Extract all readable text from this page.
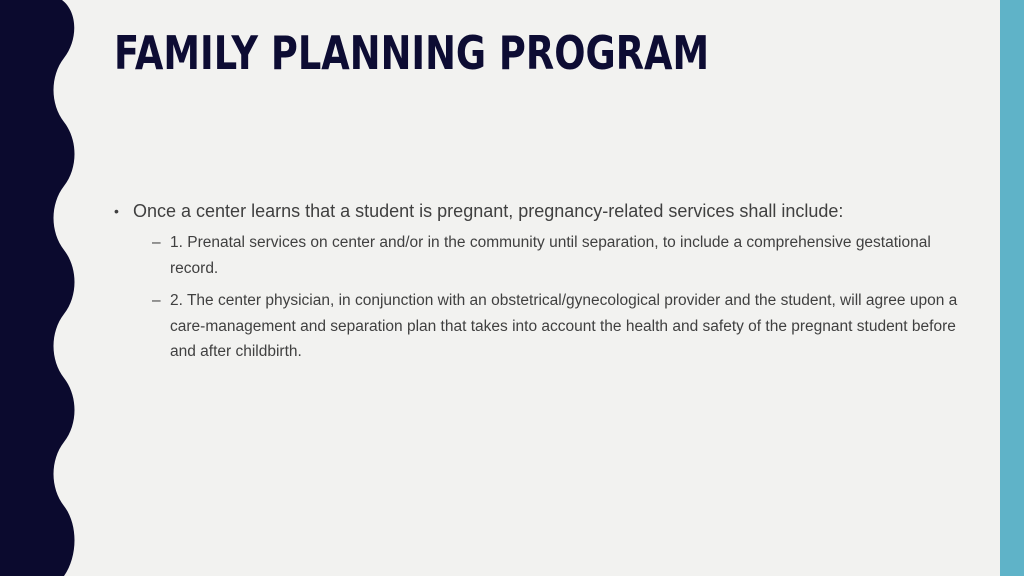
FAMILY PLANNING PROGRAM
• Once a center learns that a student is pregnant, pregnancy-related services shall include:
– 1. Prenatal services on center and/or in the community until separation, to include a comprehensive gestational record.
– 2. The center physician, in conjunction with an obstetrical/gynecological provider and the student, will agree upon a care-management and separation plan that takes into account the health and safety of the pregnant student before and after childbirth.
